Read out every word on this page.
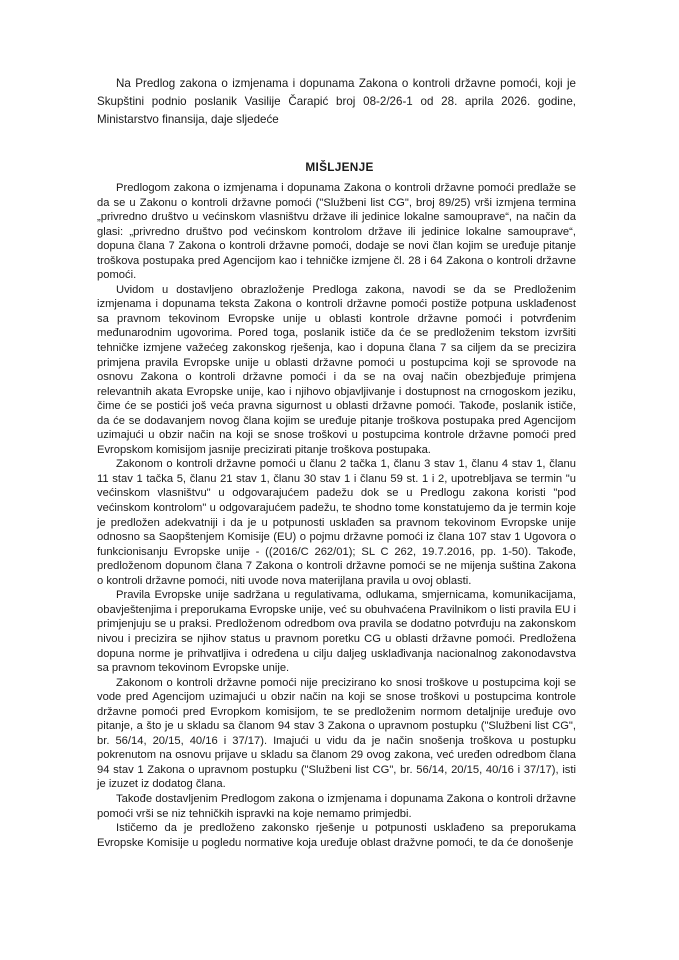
Na Predlog zakona o izmjenama i dopunama Zakona o kontroli državne pomoći, koji je Skupštini podnio poslanik Vasilije Čarapić broj 08-2/26-1 od 28. aprila 2026. godine, Ministarstvo finansija, daje sljedeće

MIŠLJENJE

Predlogom zakona o izmjenama i dopunama Zakona o kontroli državne pomoći predlaže se da se u Zakonu o kontroli državne pomoći ("Službeni list CG", broj 89/25) vrši izmjena termina „privredno društvo u većinskom vlasništvu države ili jedinice lokalne samouprave“, na način da glasi: „privredno društvo pod većinskom kontrolom države ili jedinice lokalne samouprave“, dopuna člana 7 Zakona o kontroli državne pomoći, dodaje se novi član kojim se uređuje pitanje troškova postupaka pred Agencijom kao i tehničke izmjene čl. 28 i 64 Zakona o kontroli državne pomoći.

Uvidom u dostavljeno obrazloženje Predloga zakona, navodi se da se Predloženim izmjenama i dopunama teksta Zakona o kontroli državne pomoći postiže potpuna usklađenost sa pravnom tekovinom Evropske unije u oblasti kontrole državne pomoći i potvrđenim međunarodnim ugovorima. Pored toga, poslanik ističe da će se predloženim tekstom izvršiti tehničke izmjene važećeg zakonskog rješenja, kao i dopuna člana 7 sa ciljem da se precizira primjena pravila Evropske unije u oblasti državne pomoći u postupcima koji se sprovode na osnovu Zakona o kontroli državne pomoći i da se na ovaj način obezbjeđuje primjena relevantnih akata Evropske unije, kao i njihovo objavljivanje i dostupnost na crnogoskom jeziku, čime će se postići još veća pravna sigurnost u oblasti državne pomoći. Takođe, poslanik ističe, da će se dodavanjem novog člana kojim se uređuje pitanje troškova postupaka pred Agencijom uzimajući u obzir način na koji se snose troškovi u postupcima kontrole državne pomoći pred Evropskom komisijom jasnije precizirati pitanje troškova postupaka.

Zakonom o kontroli državne pomoći u članu 2 tačka 1, članu 3 stav 1, članu 4 stav 1, članu 11 stav 1 tačka 5, članu 21 stav 1, članu 30 stav 1 i članu 59 st. 1 i 2, upotrebljava se termin "u većinskom vlasništvu" u odgovarajućem padežu dok se u Predlogu zakona koristi "pod većinskom kontrolom" u odgovarajućem padežu, te shodno tome konstatujemo da je termin koje je predložen adekvatniji i da je u potpunosti usklađen sa pravnom tekovinom Evropske unije odnosno sa Saopštenjem Komisije (EU) o pojmu državne pomoći iz člana 107 stav 1 Ugovora o funkcionisanju Evropske unije - ((2016/C 262/01); SL C 262, 19.7.2016, pp. 1-50). Takođe, predloženom dopunom člana 7 Zakona o kontroli državne pomoći se ne mijenja suština Zakona o kontroli državne pomoći, niti uvode nova materijlana pravila u ovoj oblasti.

Pravila Evropske unije sadržana u regulativama, odlukama, smjernicama, komunikacijama, obavještenjima i preporukama Evropske unije, već su obuhvaćena Pravilnikom o listi pravila EU i primjenjuju se u praksi. Predloženom odredbom ova pravila se dodatno potvrđuju na zakonskom nivou i precizira se njihov status u pravnom poretku CG u oblasti državne pomoći. Predložena dopuna norme je prihvatljiva i određena u cilju daljeg usklađivanja nacionalnog zakonodavstva sa pravnom tekovinom Evropske unije.

Zakonom o kontroli državne pomoći nije precizirano ko snosi troškove u postupcima koji se vode pred Agencijom uzimajući u obzir način na koji se snose troškovi u postupcima kontrole državne pomoći pred Evropkom komisijom, te se predloženim normom detaljnije uređuje ovo pitanje, a što je u skladu sa članom 94 stav 3 Zakona o upravnom postupku ("Službeni list CG", br. 56/14, 20/15, 40/16 i 37/17). Imajući u vidu da je način snošenja troškova u postupku pokrenutom na osnovu prijave u skladu sa članom 29 ovog zakona, već uređen odredbom člana 94 stav 1 Zakona o upravnom postupku ("Službeni list CG", br. 56/14, 20/15, 40/16 i 37/17), isti je izuzet iz dodatog člana.

Takođe dostavljenim Predlogom zakona o izmjenama i dopunama Zakona o kontroli državne pomoći vrši se niz tehničkih ispravki na koje nemamo primjedbi.

Ističemo da je predloženo zakonsko rješenje u potpunosti usklađeno sa preporukama Evropske Komisije u pogledu normative koja uređuje oblast dražvne pomoći, te da će donošenje
